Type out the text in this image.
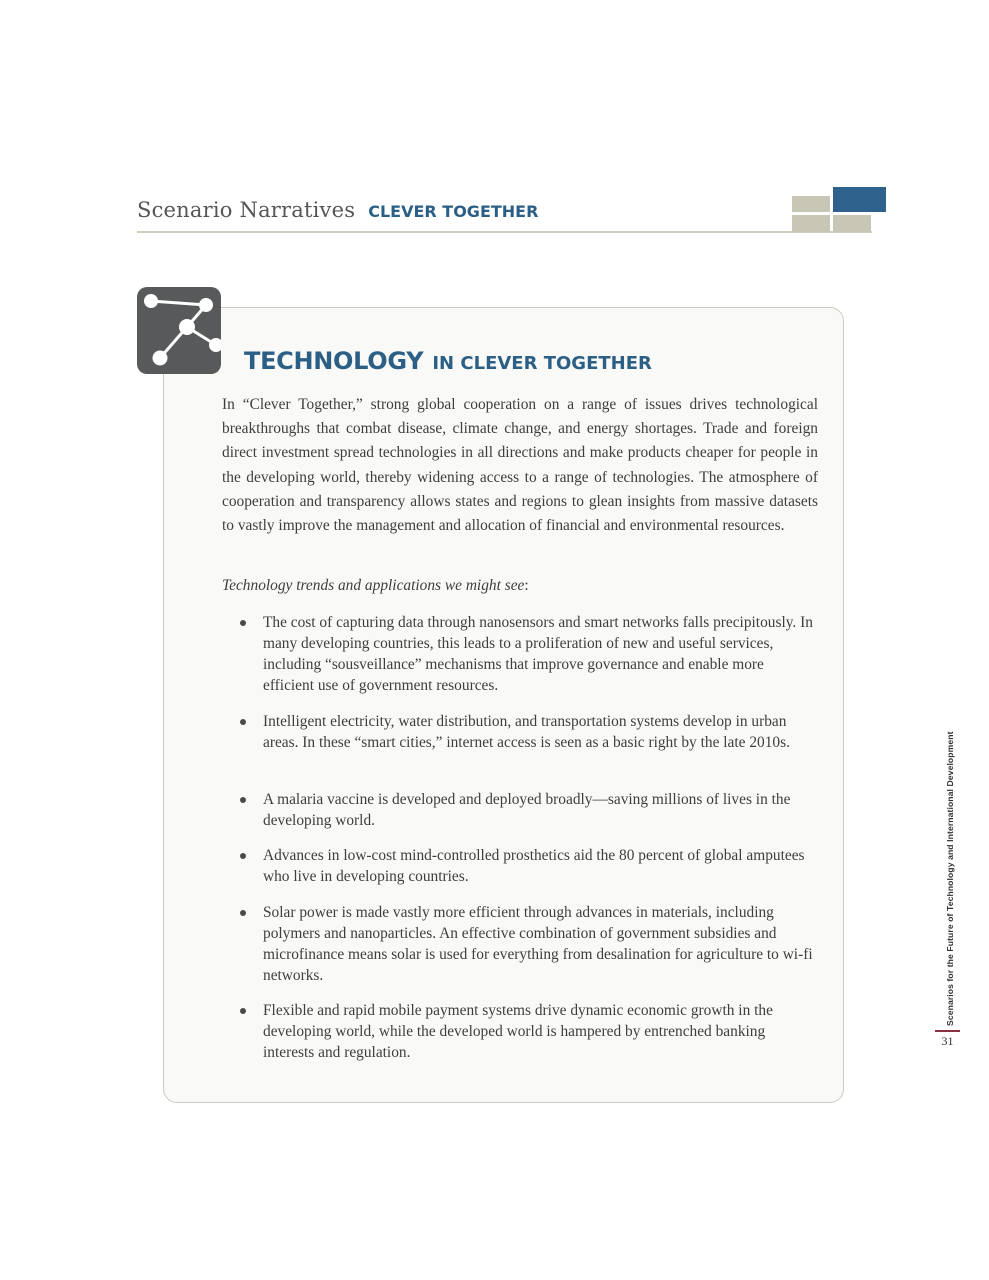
Scenario Narratives CLEVER TOGETHER
TECHNOLOGY IN CLEVER TOGETHER

In “Clever Together,” strong global cooperation on a range of issues drives technological breakthroughs that combat disease, climate change, and energy shortages. Trade and foreign direct investment spread technologies in all directions and make products cheaper for people in the developing world, thereby widening access to a range of technologies. The atmosphere of cooperation and transparency allows states and regions to glean insights from massive datasets to vastly improve the management and allocation of financial and environmental resources.

Technology trends and applications we might see:

The cost of capturing data through nanosensors and smart networks falls precipitously. In many developing countries, this leads to a proliferation of new and useful services, including “sousveillance” mechanisms that improve governance and enable more efficient use of government resources.

Intelligent electricity, water distribution, and transportation systems develop in urban areas. In these “smart cities,” internet access is seen as a basic right by the late 2010s.

A malaria vaccine is developed and deployed broadly—saving millions of lives in the developing world.

Advances in low-cost mind-controlled prosthetics aid the 80 percent of global amputees who live in developing countries.

Solar power is made vastly more efficient through advances in materials, including polymers and nanoparticles. An effective combination of government subsidies and microfinance means solar is used for everything from desalination for agriculture to wi-fi networks.

Flexible and rapid mobile payment systems drive dynamic economic growth in the developing world, while the developed world is hampered by entrenched banking interests and regulation.

Scenarios for the Future of Technology and International Development
31
